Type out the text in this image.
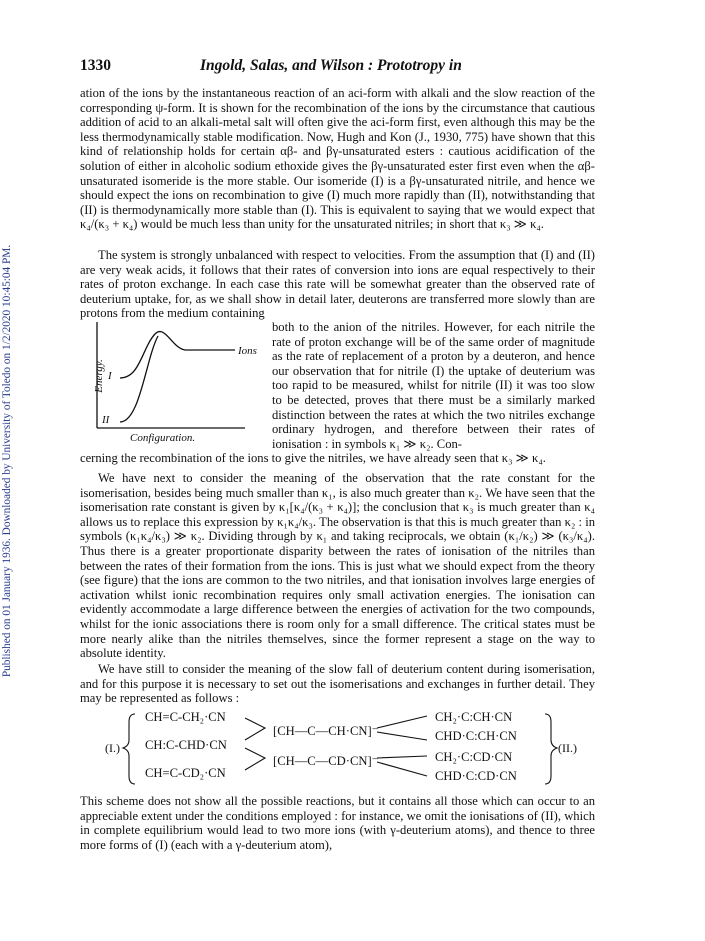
Published on 01 January 1936. Downloaded by University of Toledo on 1/2/2020 10:45:04 PM.
1330	Ingold, Salas, and Wilson : Prototropy in
ation of the ions by the instantaneous reaction of an aci-form with alkali and the slow reaction of the corresponding ψ-form. It is shown for the recombination of the ions by the circumstance that cautious addition of acid to an alkali-metal salt will often give the aci-form first, even although this may be the less thermodynamically stable modification. Now, Hugh and Kon (J., 1930, 775) have shown that this kind of relationship holds for certain αβ- and βγ-unsaturated esters : cautious acidification of the solution of either in alcoholic sodium ethoxide gives the βγ-unsaturated ester first even when the αβ-unsaturated isomeride is the more stable. Our isomeride (I) is a βγ-unsaturated nitrile, and hence we should expect the ions on recombination to give (I) much more rapidly than (II), notwithstanding that (II) is thermodynamically more stable than (I). This is equivalent to saying that we would expect that κ₄/(κ₃ + κ₄) would be much less than unity for the unsaturated nitriles; in short that κ₃ ≫ κ₄.
The system is strongly unbalanced with respect to velocities. From the assumption that (I) and (II) are very weak acids, it follows that their rates of conversion into ions are equal respectively to their rates of proton exchange. In each case this rate will be somewhat greater than the observed rate of deuterium uptake, for, as we shall show in detail later, deuterons are transferred more slowly than are protons from the medium containing
Energy. I
II
Ions
Configuration.
both to the anion of the nitriles. However, for each nitrile the rate of proton exchange will be of the same order of magnitude as the rate of replacement of a proton by a deuteron, and hence our observation that for nitrile (I) the uptake of deuterium was too rapid to be measured, whilst for nitrile (II) it was too slow to be detected, proves that there must be a similarly marked distinction between the rates at which the two nitriles exchange ordinary hydrogen, and therefore between their rates of ionisation : in symbols κ₁ ≫ κ₂. Con-
cerning the recombination of the ions to give the nitriles, we have already seen that κ₃ ≫ κ₄.
We have next to consider the meaning of the observation that the rate constant for the isomerisation, besides being much smaller than κ₁, is also much greater than κ₂. We have seen that the isomerisation rate constant is given by κ₁[κ₄/(κ₃ + κ₄)]; the conclusion that κ₃ is much greater than κ₄ allows us to replace this expression by κ₁κ₄/κ₃. The observation is that this is much greater than κ₂ : in symbols (κ₁κ₄/κ₃) ≫ κ₂. Dividing through by κ₁ and taking reciprocals, we obtain (κ₁/κ₂) ≫ (κ₃/κ₄). Thus there is a greater proportionate disparity between the rates of ionisation of the nitriles than between the rates of their formation from the ions. This is just what we should expect from the theory (see figure) that the ions are common to the two nitriles, and that ionisation involves large energies of activation whilst ionic recombination requires only small activation energies. The ionisation can evidently accommodate a large difference between the energies of activation for the two compounds, whilst for the ionic associations there is room only for a small difference. The critical states must be more nearly alike than the nitriles themselves, since the former represent a stage on the way to absolute identity.
We have still to consider the meaning of the slow fall of deuterium content during isomerisation, and for this purpose it is necessary to set out the isomerisations and exchanges in further detail. They may be represented as follows :
(I.)
CH=C-CH₂·CN
CH:C-CHD·CN
CH=C-CD₂·CN
[CH—C—CH·CN]⁻
[CH—C—CD·CN]⁻
CH₂·C:CH·CN
CHD·C:CH·CN
CH₂·C:CD·CN
CHD·C:CD·CN
(II.)
This scheme does not show all the possible reactions, but it contains all those which can occur to an appreciable extent under the conditions employed : for instance, we omit the ionisations of (II), which in complete equilibrium would lead to two more ions (with γ-deuterium atoms), and thence to three more forms of (I) (each with a γ-deuterium atom),
